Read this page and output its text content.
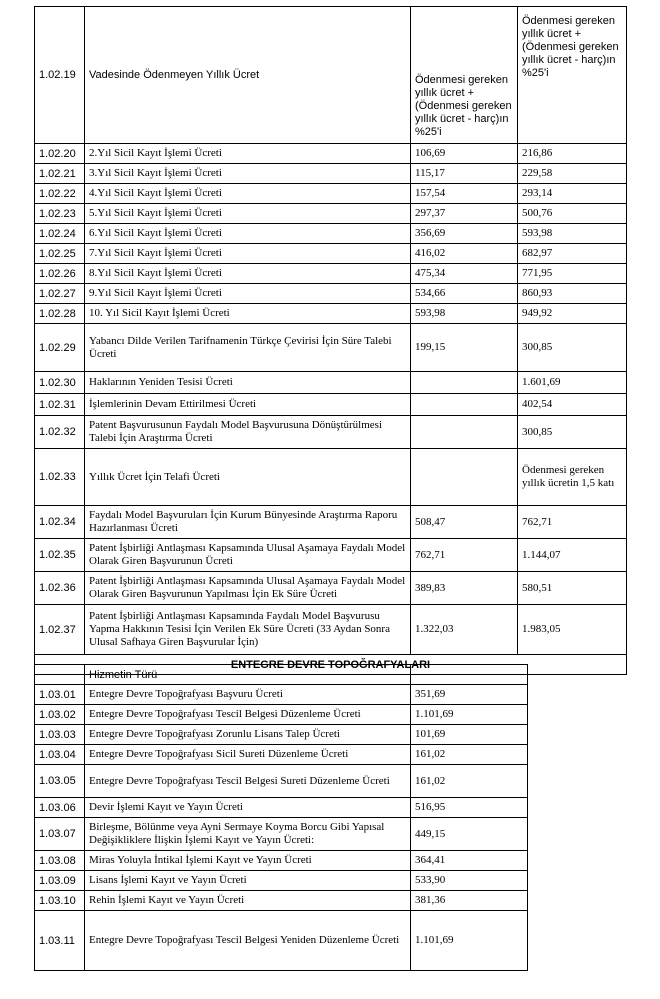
1.02.19	Vadesinde Ödenmeyen Yıllık Ücret	Ödenmesi gereken yıllık ücret + (Ödenmesi gereken yıllık ücret - harç)ın %25'i	Ödenmesi gereken yıllık ücret + (Ödenmesi gereken yıllık ücret - harç)ın %25'i
1.02.20	2.Yıl Sicil Kayıt İşlemi Ücreti	106,69	216,86
1.02.21	3.Yıl Sicil Kayıt İşlemi Ücreti	115,17	229,58
1.02.22	4.Yıl Sicil Kayıt İşlemi Ücreti	157,54	293,14
1.02.23	5.Yıl Sicil Kayıt İşlemi Ücreti	297,37	500,76
1.02.24	6.Yıl Sicil Kayıt İşlemi Ücreti	356,69	593,98
1.02.25	7.Yıl Sicil Kayıt İşlemi Ücreti	416,02	682,97
1.02.26	8.Yıl Sicil Kayıt İşlemi Ücreti	475,34	771,95
1.02.27	9.Yıl Sicil Kayıt İşlemi Ücreti	534,66	860,93
1.02.28	10. Yıl Sicil Kayıt İşlemi Ücreti	593,98	949,92
1.02.29	Yabancı Dilde Verilen Tarifnamenin Türkçe Çevirisi İçin Süre Talebi Ücreti	199,15	300,85
1.02.30	Haklarının Yeniden Tesisi Ücreti		1.601,69
1.02.31	İşlemlerinin Devam Ettirilmesi Ücreti		402,54
1.02.32	Patent Başvurusunun Faydalı Model Başvurusuna Dönüştürülmesi Talebi İçin Araştırma Ücreti		300,85
1.02.33	Yıllık Ücret İçin Telafi Ücreti		Ödenmesi gereken yıllık ücretin 1,5 katı
1.02.34	Faydalı Model Başvuruları İçin Kurum Bünyesinde Araştırma Raporu Hazırlanması Ücreti	508,47	762,71
1.02.35	Patent İşbirliği Antlaşması Kapsamında Ulusal Aşamaya Faydalı Model Olarak Giren Başvurunun Ücreti	762,71	1.144,07
1.02.36	Patent İşbirliği Antlaşması Kapsamında Ulusal Aşamaya Faydalı Model Olarak Giren Başvurunun Yapılması İçin Ek Süre Ücreti	389,83	580,51
1.02.37	Patent İşbirliği Antlaşması Kapsamında Faydalı Model Başvurusu Yapma Hakkının Tesisi İçin Verilen Ek Süre Ücreti (33 Aydan Sonra Ulusal Safhaya Giren Başvurular İçin)	1.322,03	1.983,05
ENTEGRE DEVRE TOPOĞRAFYALARI			
	Hizmetin Türü	
1.03.01	Entegre Devre Topoğrafyası Başvuru Ücreti	351,69
1.03.02	Entegre Devre Topoğrafyası Tescil Belgesi Düzenleme Ücreti	1.101,69
1.03.03	Entegre Devre Topoğrafyası Zorunlu Lisans Talep Ücreti	101,69
1.03.04	Entegre Devre Topoğrafyası Sicil Sureti Düzenleme Ücreti	161,02
1.03.05	Entegre Devre Topoğrafyası Tescil Belgesi Sureti Düzenleme Ücreti	161,02
1.03.06	Devir İşlemi Kayıt ve Yayın Ücreti	516,95
1.03.07	Birleşme, Bölünme veya Ayni Sermaye Koyma Borcu Gibi Yapısal Değişikliklere İlişkin İşlemi Kayıt ve Yayın Ücreti:	449,15
1.03.08	Miras Yoluyla İntikal İşlemi Kayıt ve Yayın Ücreti	364,41
1.03.09	Lisans İşlemi Kayıt ve Yayın Ücreti	533,90
1.03.10	Rehin İşlemi Kayıt ve Yayın Ücreti	381,36
1.03.11	Entegre Devre Topoğrafyası Tescil Belgesi Yeniden Düzenleme Ücreti	1.101,69
